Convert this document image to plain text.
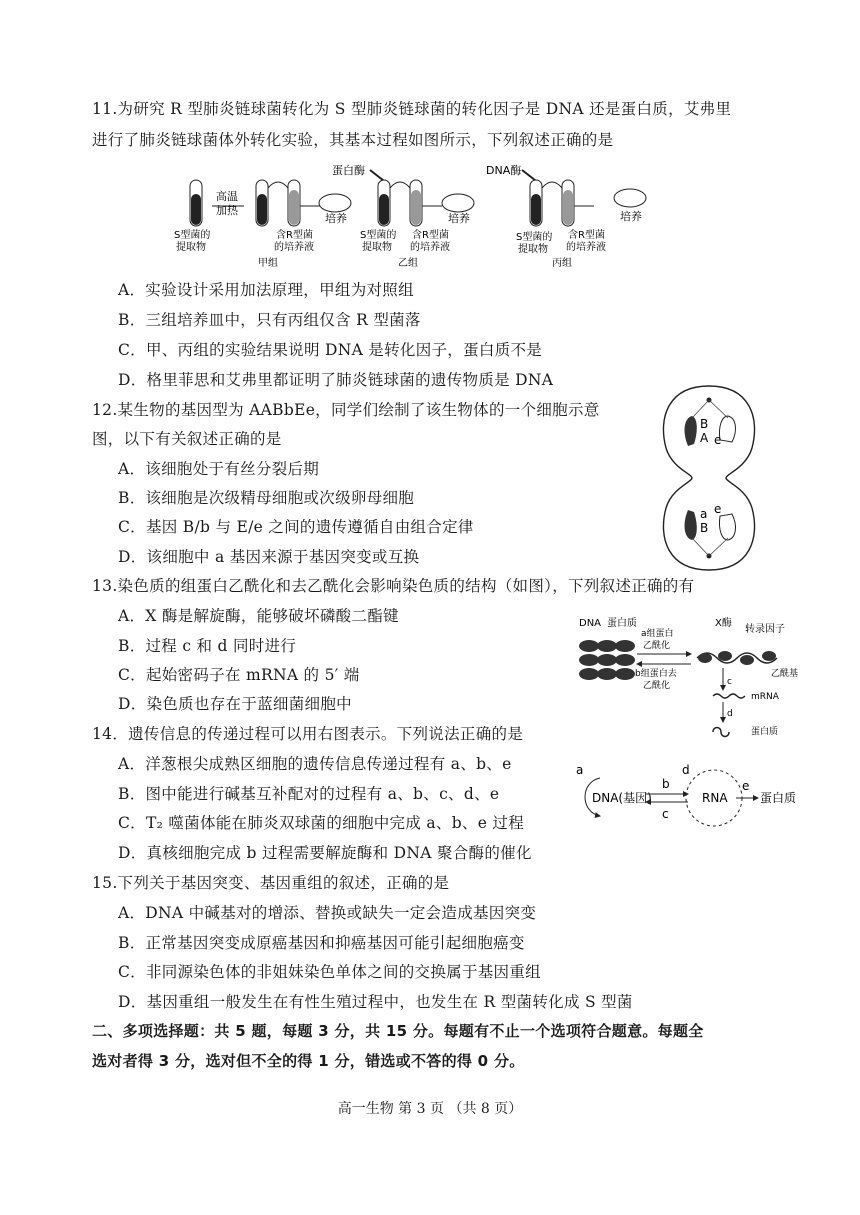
11.为研究 R 型肺炎链球菌转化为 S 型肺炎链球菌的转化因子是 DNA 还是蛋白质，艾弗里
进行了肺炎链球菌体外转化实验，其基本过程如图所示，下列叙述正确的是
高温
加热
培养
S型菌的
提取物
含R型菌
的培养液
甲组
蛋白酶
培养
S型菌的
提取物
含R型菌
的培养液
乙组
DNA酶
培养
S型菌的
提取物
含R型菌
的培养液
丙组
A．实验设计采用加法原理，甲组为对照组
B．三组培养皿中，只有丙组仅含 R 型菌落
C．甲、丙组的实验结果说明 DNA 是转化因子，蛋白质不是
D．格里菲思和艾弗里都证明了肺炎链球菌的遗传物质是 DNA
12.某生物的基因型为 AABbEe，同学们绘制了该生物体的一个细胞示意
图，以下有关叙述正确的是
A．该细胞处于有丝分裂后期
B．该细胞是次级精母细胞或次级卵母细胞
C．基因 B/b 与 E/e 之间的遗传遵循自由组合定律
D．该细胞中 a 基因来源于基因突变或互换
B
A e
a
B
e
13.染色质的组蛋白乙酰化和去乙酰化会影响染色质的结构（如图），下列叙述正确的有
A．X 酶是解旋酶，能够破坏磷酸二酯键
B．过程 c 和 d 同时进行
C．起始密码子在 mRNA 的 5′ 端
D．染色质也存在于蓝细菌细胞中
DNA 蛋白质
a组蛋白
乙酰化
b组蛋白去
乙酰化
X酶
转录因子
乙酰基
c
mRNA
d
蛋白质
14．遗传信息的传递过程可以用右图表示。下列说法正确的是
A．洋葱根尖成熟区细胞的遗传信息传递过程有 a、b、e
B．图中能进行碱基互补配对的过程有 a、b、c、d、e
C．T₂ 噬菌体能在肺炎双球菌的细胞中完成 a、b、e 过程
D．真核细胞完成 b 过程需要解旋酶和 DNA 聚合酶的催化
a
DNA(基因)
b
c
d
RNA
e
蛋白质
15.下列关于基因突变、基因重组的叙述，正确的是
A．DNA 中碱基对的增添、替换或缺失一定会造成基因突变
B．正常基因突变成原癌基因和抑癌基因可能引起细胞癌变
C．非同源染色体的非姐妹染色单体之间的交换属于基因重组
D．基因重组一般发生在有性生殖过程中，也发生在 R 型菌转化成 S 型菌
二、多项选择题：共 5 题，每题 3 分，共 15 分。每题有不止一个选项符合题意。每题全
选对者得 3 分，选对但不全的得 1 分，错选或不答的得 0 分。
高一生物 第 3 页 （共 8 页）
